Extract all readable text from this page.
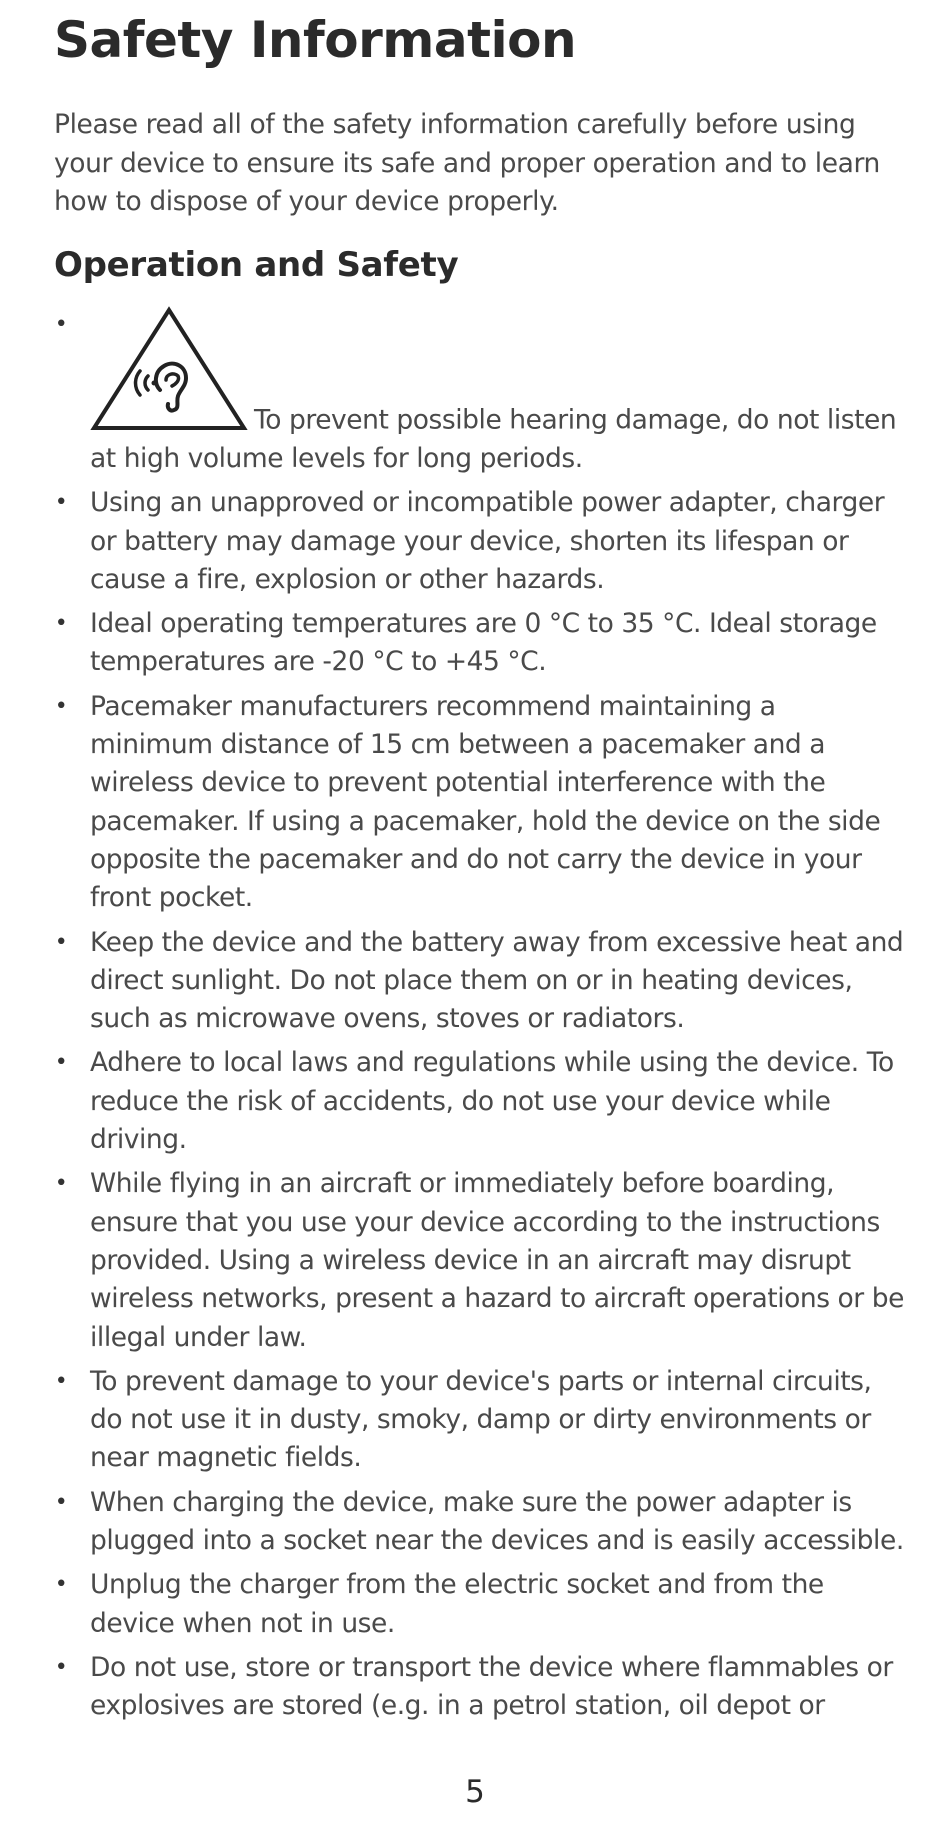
Safety Information

Please read all of the safety information carefully before using your device to ensure its safe and proper operation and to learn how to dispose of your device properly.

Operation and Safety
•
To prevent possible hearing damage, do not listen at high volume levels for long periods.
• Using an unapproved or incompatible power adapter, charger or battery may damage your device, shorten its lifespan or cause a fire, explosion or other hazards.
• Ideal operating temperatures are 0 °C to 35 °C. Ideal storage temperatures are -20 °C to +45 °C.
• Pacemaker manufacturers recommend maintaining a minimum distance of 15 cm between a pacemaker and a wireless device to prevent potential interference with the pacemaker. If using a pacemaker, hold the device on the side opposite the pacemaker and do not carry the device in your front pocket.
• Keep the device and the battery away from excessive heat and direct sunlight. Do not place them on or in heating devices, such as microwave ovens, stoves or radiators.
• Adhere to local laws and regulations while using the device. To reduce the risk of accidents, do not use your device while driving.
• While flying in an aircraft or immediately before boarding, ensure that you use your device according to the instructions provided. Using a wireless device in an aircraft may disrupt wireless networks, present a hazard to aircraft operations or be illegal under law.
• To prevent damage to your device's parts or internal circuits, do not use it in dusty, smoky, damp or dirty environments or near magnetic fields.
• When charging the device, make sure the power adapter is plugged into a socket near the devices and is easily accessible.
• Unplug the charger from the electric socket and from the device when not in use.
• Do not use, store or transport the device where flammables or explosives are stored (e.g. in a petrol station, oil depot or
5
